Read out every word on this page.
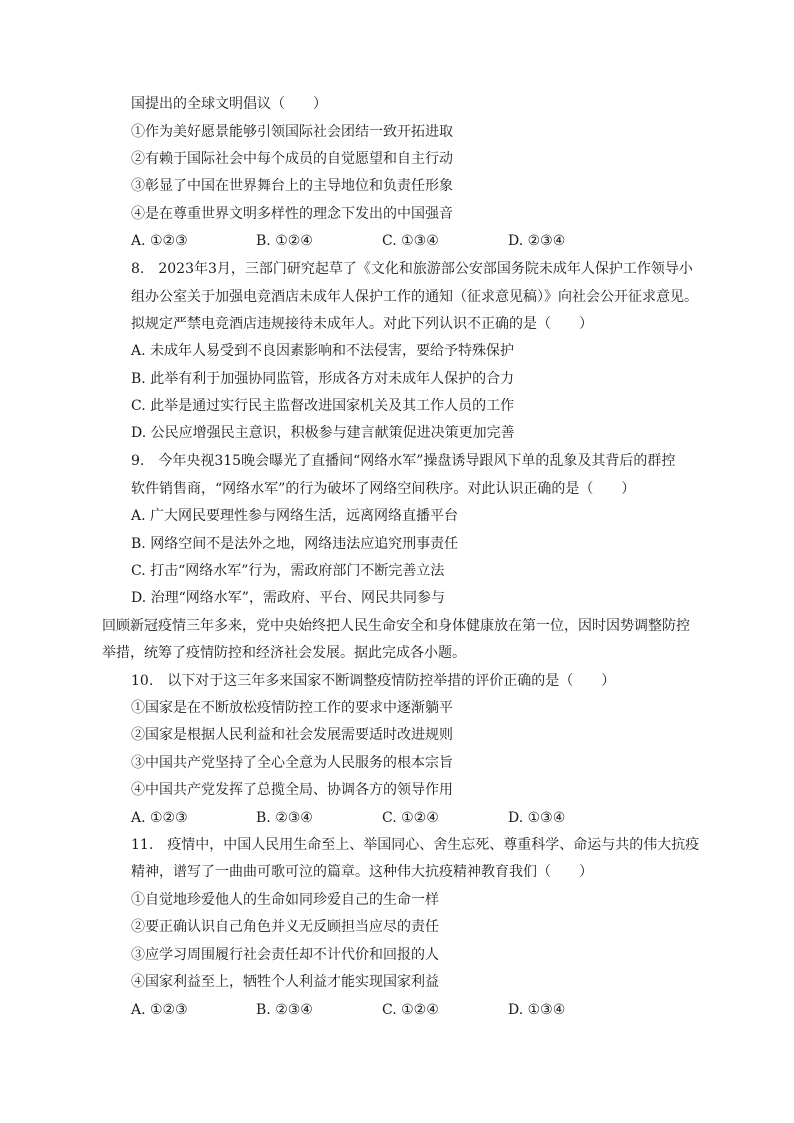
国提出的全球文明倡议（　　）
①作为美好愿景能够引领国际社会团结一致开拓进取
②有赖于国际社会中每个成员的自觉愿望和自主行动
③彰显了中国在世界舞台上的主导地位和负责任形象
④是在尊重世界文明多样性的理念下发出的中国强音
A. ①②③	B. ①②④	C. ①③④	D. ②③④
8.　2023年3月，三部门研究起草了《文化和旅游部公安部国务院未成年人保护工作领导小
组办公室关于加强电竞酒店未成年人保护工作的通知（征求意见稿）》向社会公开征求意见。
拟规定严禁电竞酒店违规接待未成年人。对此下列认识不正确的是（　　）
A. 未成年人易受到不良因素影响和不法侵害，要给予特殊保护
B. 此举有利于加强协同监管，形成各方对未成年人保护的合力
C. 此举是通过实行民主监督改进国家机关及其工作人员的工作
D. 公民应增强民主意识，积极参与建言献策促进决策更加完善
9.　今年央视315晚会曝光了直播间“网络水军”操盘诱导跟风下单的乱象及其背后的群控
软件销售商，“网络水军”的行为破坏了网络空间秩序。对此认识正确的是（　　）
A. 广大网民要理性参与网络生活，远离网络直播平台
B. 网络空间不是法外之地，网络违法应追究刑事责任
C. 打击“网络水军”行为，需政府部门不断完善立法
D. 治理“网络水军”，需政府、平台、网民共同参与
回顾新冠疫情三年多来，党中央始终把人民生命安全和身体健康放在第一位，因时因势调整防控
举措，统筹了疫情防控和经济社会发展。据此完成各小题。
10.　以下对于这三年多来国家不断调整疫情防控举措的评价正确的是（　　）
①国家是在不断放松疫情防控工作的要求中逐渐躺平
②国家是根据人民利益和社会发展需要适时改进规则
③中国共产党坚持了全心全意为人民服务的根本宗旨
④中国共产党发挥了总揽全局、协调各方的领导作用
A. ①②③	B. ②③④	C. ①②④	D. ①③④
11.　疫情中，中国人民用生命至上、举国同心、舍生忘死、尊重科学、命运与共的伟大抗疫
精神，谱写了一曲曲可歌可泣的篇章。这种伟大抗疫精神教育我们（　　）
①自觉地珍爱他人的生命如同珍爱自己的生命一样
②要正确认识自己角色并义无反顾担当应尽的责任
③应学习周围履行社会责任却不计代价和回报的人
④国家利益至上，牺牲个人利益才能实现国家利益
A. ①②③	B. ②③④	C. ①②④	D. ①③④
